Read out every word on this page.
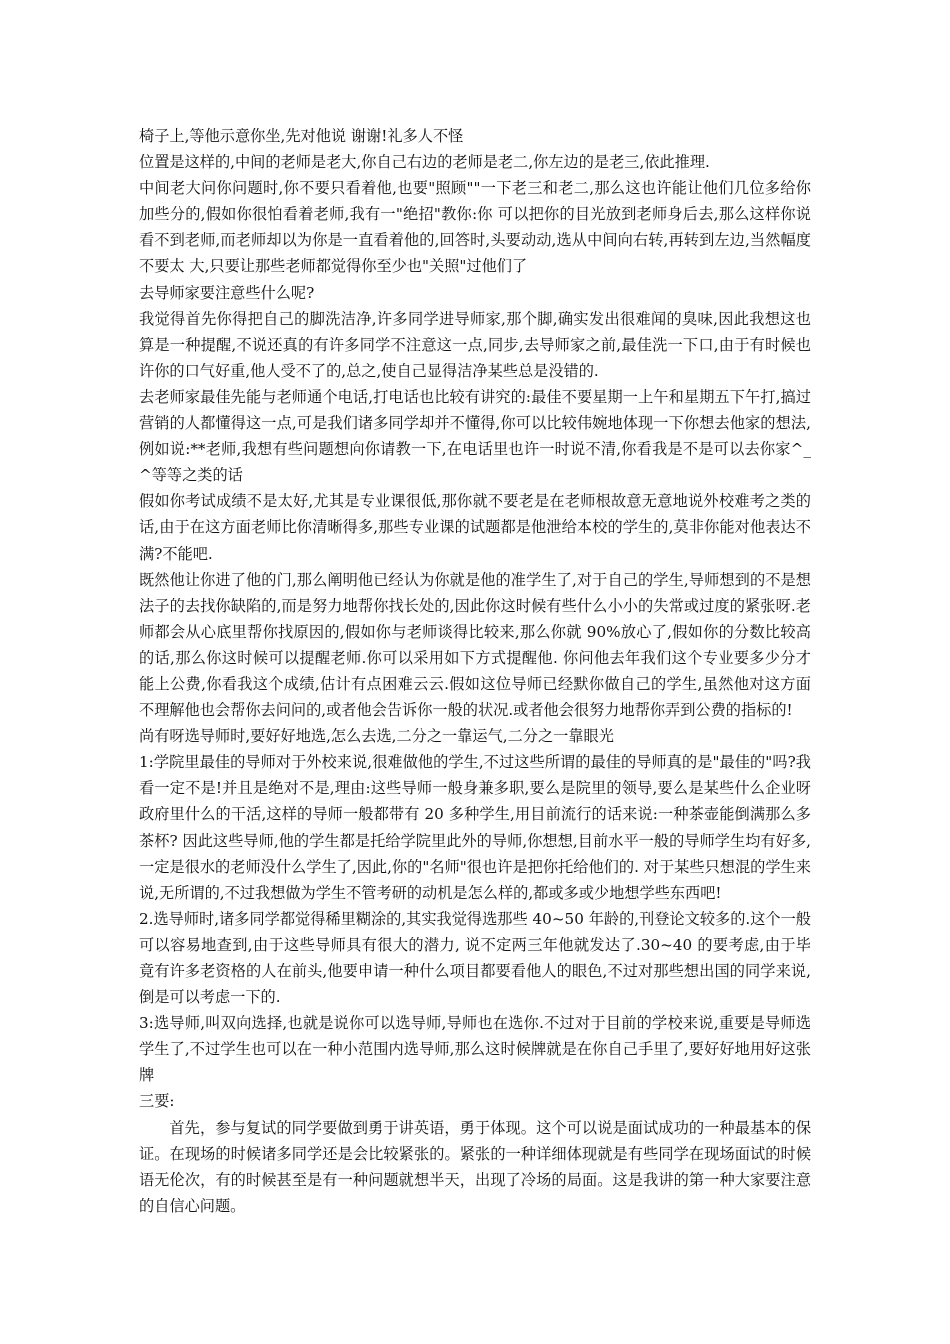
椅子上,等他示意你坐,先对他说 谢谢!礼多人不怪

位置是这样的,中间的老师是老大,你自己右边的老师是老二,你左边的是老三,依此推理.

中间老大问你问题时,你不要只看着他,也要"照顾""一下老三和老二,那么这也许能让他们几位多给你加些分的,假如你很怕看着老师,我有一"绝招"教你:你 可以把你的目光放到老师身后去,那么这样你说看不到老师,而老师却以为你是一直看着他的,回答时,头要动动,选从中间向右转,再转到左边,当然幅度不要太 大,只要让那些老师都觉得你至少也"关照"过他们了

去导师家要注意些什么呢?

我觉得首先你得把自己的脚洗洁净,许多同学进导师家,那个脚,确实发出很难闻的臭味,因此我想这也算是一种提醒,不说还真的有许多同学不注意这一点,同步,去导师家之前,最佳洗一下口,由于有时候也许你的口气好重,他人受不了的,总之,使自己显得洁净某些总是没错的.

去老师家最佳先能与老师通个电话,打电话也比较有讲究的:最佳不要星期一上午和星期五下午打,搞过营销的人都懂得这一点,可是我们诸多同学却并不懂得,你可以比较伟婉地体现一下你想去他家的想法,例如说:**老师,我想有些问题想向你请教一下,在电话里也许一时说不清,你看我是不是可以去你家^_^等等之类的话

假如你考试成绩不是太好,尤其是专业课很低,那你就不要老是在老师根故意无意地说外校难考之类的话,由于在这方面老师比你清晰得多,那些专业课的试题都是他泄给本校的学生的,莫非你能对他表达不满?不能吧.

既然他让你进了他的门,那么阐明他已经认为你就是他的准学生了,对于自己的学生,导师想到的不是想法子的去找你缺陷的,而是努力地帮你找长处的,因此你这时候有些什么小小的失常或过度的紧张呀.老师都会从心底里帮你找原因的,假如你与老师谈得比较来,那么你就 90%放心了,假如你的分数比较高的话,那么你这时候可以提醒老师.你可以采用如下方式提醒他. 你问他去年我们这个专业要多少分才能上公费,你看我这个成绩,估计有点困难云云.假如这位导师已经默你做自己的学生,虽然他对这方面不理解他也会帮你去问问的,或者他会告诉你一般的状况.或者他会很努力地帮你弄到公费的指标的!

尚有呀选导师时,要好好地选,怎么去选,二分之一靠运气,二分之一靠眼光

1:学院里最佳的导师对于外校来说,很难做他的学生,不过这些所谓的最佳的导师真的是"最佳的"吗?我看一定不是!并且是绝对不是,理由:这些导师一般身兼多职,要么是院里的领导,要么是某些什么企业呀政府里什么的干活,这样的导师一般都带有 20 多种学生,用目前流行的话来说:一种茶壶能倒满那么多茶杯? 因此这些导师,他的学生都是托给学院里此外的导师,你想想,目前水平一般的导师学生均有好多,一定是很水的老师没什么学生了,因此,你的"名师"很也许是把你托给他们的. 对于某些只想混的学生来说,无所谓的,不过我想做为学生不管考研的动机是怎么样的,都或多或少地想学些东西吧!

2.选导师时,诸多同学都觉得稀里糊涂的,其实我觉得选那些 40~50 年龄的,刊登论文较多的.这个一般可以容易地查到,由于这些导师具有很大的潜力, 说不定两三年他就发达了.30~40 的要考虑,由于毕竟有许多老资格的人在前头,他要申请一种什么项目都要看他人的眼色,不过对那些想出国的同学来说, 倒是可以考虑一下的.

3:选导师,叫双向选择,也就是说你可以选导师,导师也在选你.不过对于目前的学校来说,重要是导师选学生了,不过学生也可以在一种小范围内选导师,那么这时候牌就是在你自己手里了,要好好地用好这张牌

三要:

首先，参与复试的同学要做到勇于讲英语，勇于体现。这个可以说是面试成功的一种最基本的保证。在现场的时候诸多同学还是会比较紧张的。紧张的一种详细体现就是有些同学在现场面试的时候语无伦次，有的时候甚至是有一种问题就想半天，出现了冷场的局面。这是我讲的第一种大家要注意的自信心问题。
